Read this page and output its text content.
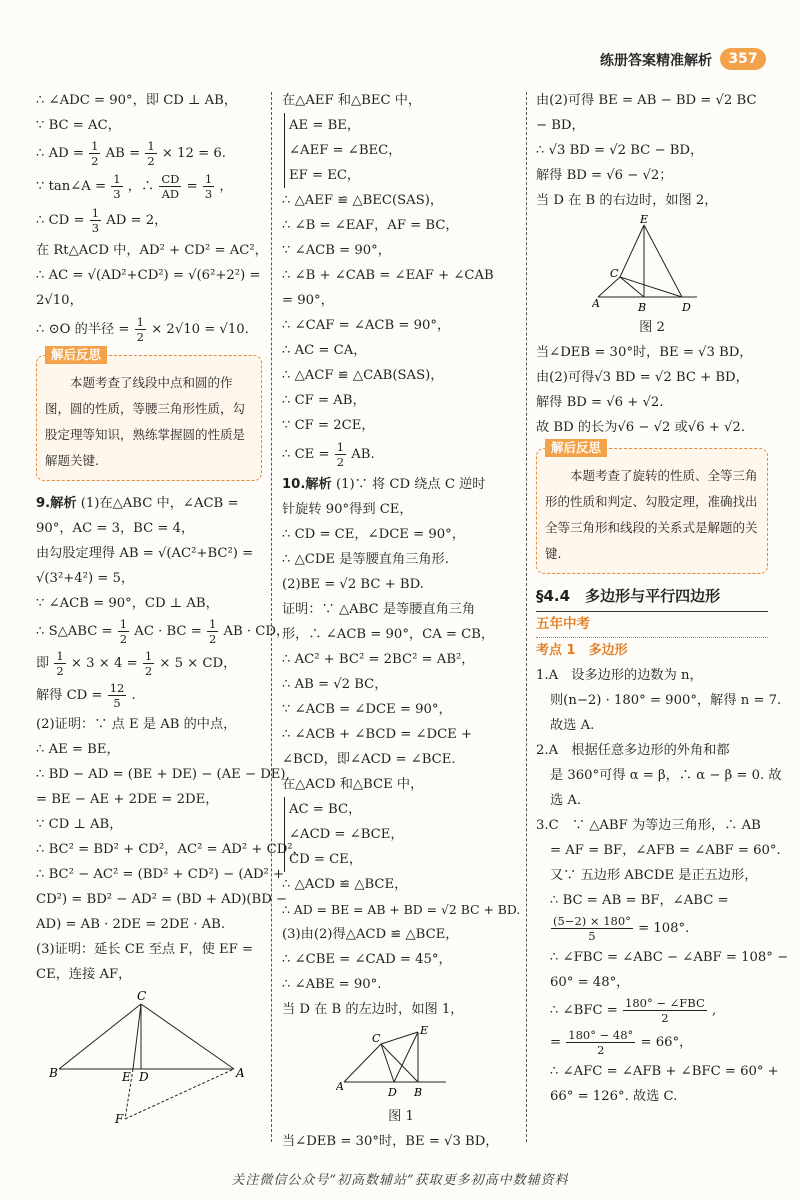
练册答案精准解析	357
∴ ∠ADC = 90°，即 CD ⊥ AB，
∵ BC = AC，
∴ AD = $\frac{1}{2}$ AB = $\frac{1}{2} \times 12 = 6$.
∵ tan∠A = $\frac{1}{3}$ ，∴ $\frac{CD}{AD} = \frac{1}{3}$ ，
∴ CD = $\frac{1}{3}$ AD = 2，
在 Rt△ACD 中，AD² + CD² = AC²，
∴ AC = √(AD²+CD²) = √(6²+2²) =
2√10，
∴ ⊙O 的半径 = $\frac{1}{2} \times 2√10 = √10$.
解后反思

本题考查了线段中点和圆的作图，圆的性质，等腰三角形性质，勾股定理等知识，熟练掌握圆的性质是解题关键.

9.解析 (1)在△ABC 中，∠ACB =
90°，AC = 3，BC = 4，
由勾股定理得 AB = √(AC²+BC²) =
√(3²+4²) = 5，
∵ ∠ACB = 90°，CD ⊥ AB，
∴ S△ABC = $\frac{1}{2}$ AC · BC = $\frac{1}{2}$ AB · CD，
即 $\frac{1}{2} \times 3 \times 4 = \frac{1}{2} \times 5$ × CD，
解得 CD = $\frac{12}{5}$ .
(2)证明：∵ 点 E 是 AB 的中点，
∴ AE = BE，
∴ BD − AD = (BE + DE) − (AE − DE)
= BE − AE + 2DE = 2DE，
∵ CD ⊥ AB，
∴ BC² = BD² + CD²，AC² = AD² + CD²，
∴ BC² − AC² = (BD² + CD²) − (AD² +
CD²) = BD² − AD² = (BD + AD)(BD −
AD) = AB · 2DE = 2DE · AB.
(3)证明：延长 CE 至点 F，使 EF =
CE，连接 AF，
C
B	E D	A
F
在△AEF 和△BEC 中，
AE = BE，
∠AEF = ∠BEC，
EF = EC，
∴ △AEF ≌ △BEC(SAS)，
∴ ∠B = ∠EAF，AF = BC，
∵ ∠ACB = 90°，
∴ ∠B + ∠CAB = ∠EAF + ∠CAB
= 90°，
∴ ∠CAF = ∠ACB = 90°，
∴ AC = CA，
∴ △ACF ≌ △CAB(SAS)，
∴ CF = AB，
∵ CF = 2CE，
∴ CE = $\frac{1}{2}$ AB.
10.解析 (1)∵ 将 CD 绕点 C 逆时
针旋转 90°得到 CE，
∴ CD = CE，∠DCE = 90°，
∴ △CDE 是等腰直角三角形.
(2)BE = √2 BC + BD.
证明：∵ △ABC 是等腰直角三角
形，∴ ∠ACB = 90°，CA = CB，
∴ AC² + BC² = 2BC² = AB²，
∴ AB = √2 BC，
∵ ∠ACB = ∠DCE = 90°，
∴ ∠ACB + ∠BCD = ∠DCE +
∠BCD，即∠ACD = ∠BCE.
在△ACD 和△BCE 中，
AC = BC，
∠ACD = ∠BCE，
CD = CE，
∴ △ACD ≌ △BCE，
∴ AD = BE = AB + BD = √2 BC + BD.
(3)由(2)得△ACD ≌ △BCE，
∴ ∠CBE = ∠CAD = 45°，
∴ ∠ABE = 90°.
当 D 在 B 的左边时，如图 1，
C
E
A	D B
图 1
当∠DEB = 30°时，BE = √3 BD，
由(2)可得 BE = AB − BD = √2 BC
− BD，
∴ √3 BD = √2 BC − BD，
解得 BD = √6 − √2；
当 D 在 B 的右边时，如图 2，
E
C
A	B	D
图 2
当∠DEB = 30°时，BE = √3 BD，
由(2)可得√3 BD = √2 BC + BD，
解得 BD = √6 + √2.
故 BD 的长为√6 − √2 或√6 + √2.
解后反思

本题考查了旋转的性质、全等三角形的性质和判定、勾股定理，准确找出全等三角形和线段的关系式是解题的关键.

§4.4　多边形与平行四边形
五年中考
考点 1　多边形
1.A　设多边形的边数为 n，
则(n−2) · 180° = 900°，解得 n = 7.
故选 A.
2.A　根据任意多边形的外角和都
是 360°可得 α = β，∴ α − β = 0. 故
选 A.
3.C　∵ △ABF 为等边三角形，∴ AB
= AF = BF，∠AFB = ∠ABF = 60°.
又∵ 五边形 ABCDE 是正五边形，
∴ BC = AB = BF，∠ABC =
$\frac{(5-2) \times 180^\circ}{5} = 108^\circ$.
∴ ∠FBC = ∠ABC − ∠ABF = 108° −
60° = 48°，
∴ ∠BFC = 180° − ∠FBC
2	,
= $\frac{180^\circ - 48^\circ}{2} = 66^\circ$，
∴ ∠AFC = ∠AFB + ∠BFC = 60° +
66° = 126°. 故选 C.
关注微信公众号“初高数辅站”获取更多初高中数辅资料
